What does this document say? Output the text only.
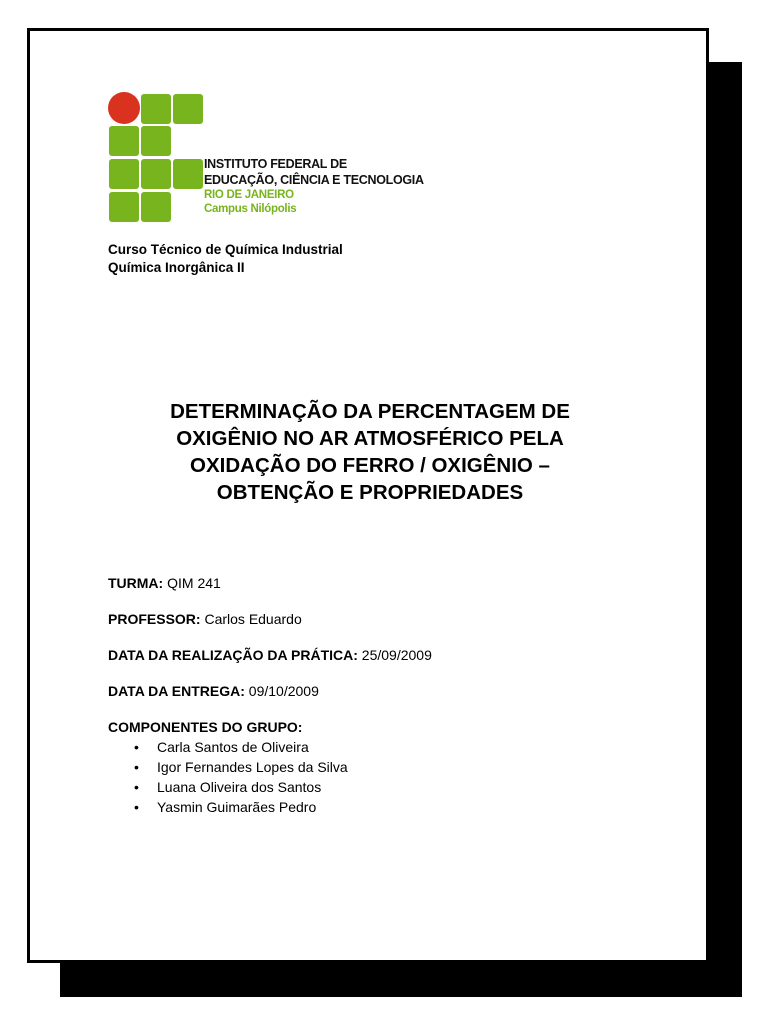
INSTITUTO FEDERAL DE
EDUCAÇÃO, CIÊNCIA E TECNOLOGIA
RIO DE JANEIRO
Campus Nilópolis
Curso Técnico de Química Industrial
Química Inorgânica II
DETERMINAÇÃO DA PERCENTAGEM DE
OXIGÊNIO NO AR ATMOSFÉRICO PELA
OXIDAÇÃO DO FERRO / OXIGÊNIO –
OBTENÇÃO E PROPRIEDADES
TURMA: QIM 241
PROFESSOR: Carlos Eduardo
DATA DA REALIZAÇÃO DA PRÁTICA: 25/09/2009
DATA DA ENTREGA: 09/10/2009
COMPONENTES DO GRUPO:
• Carla Santos de Oliveira
• Igor Fernandes Lopes da Silva
• Luana Oliveira dos Santos
• Yasmin Guimarães Pedro
